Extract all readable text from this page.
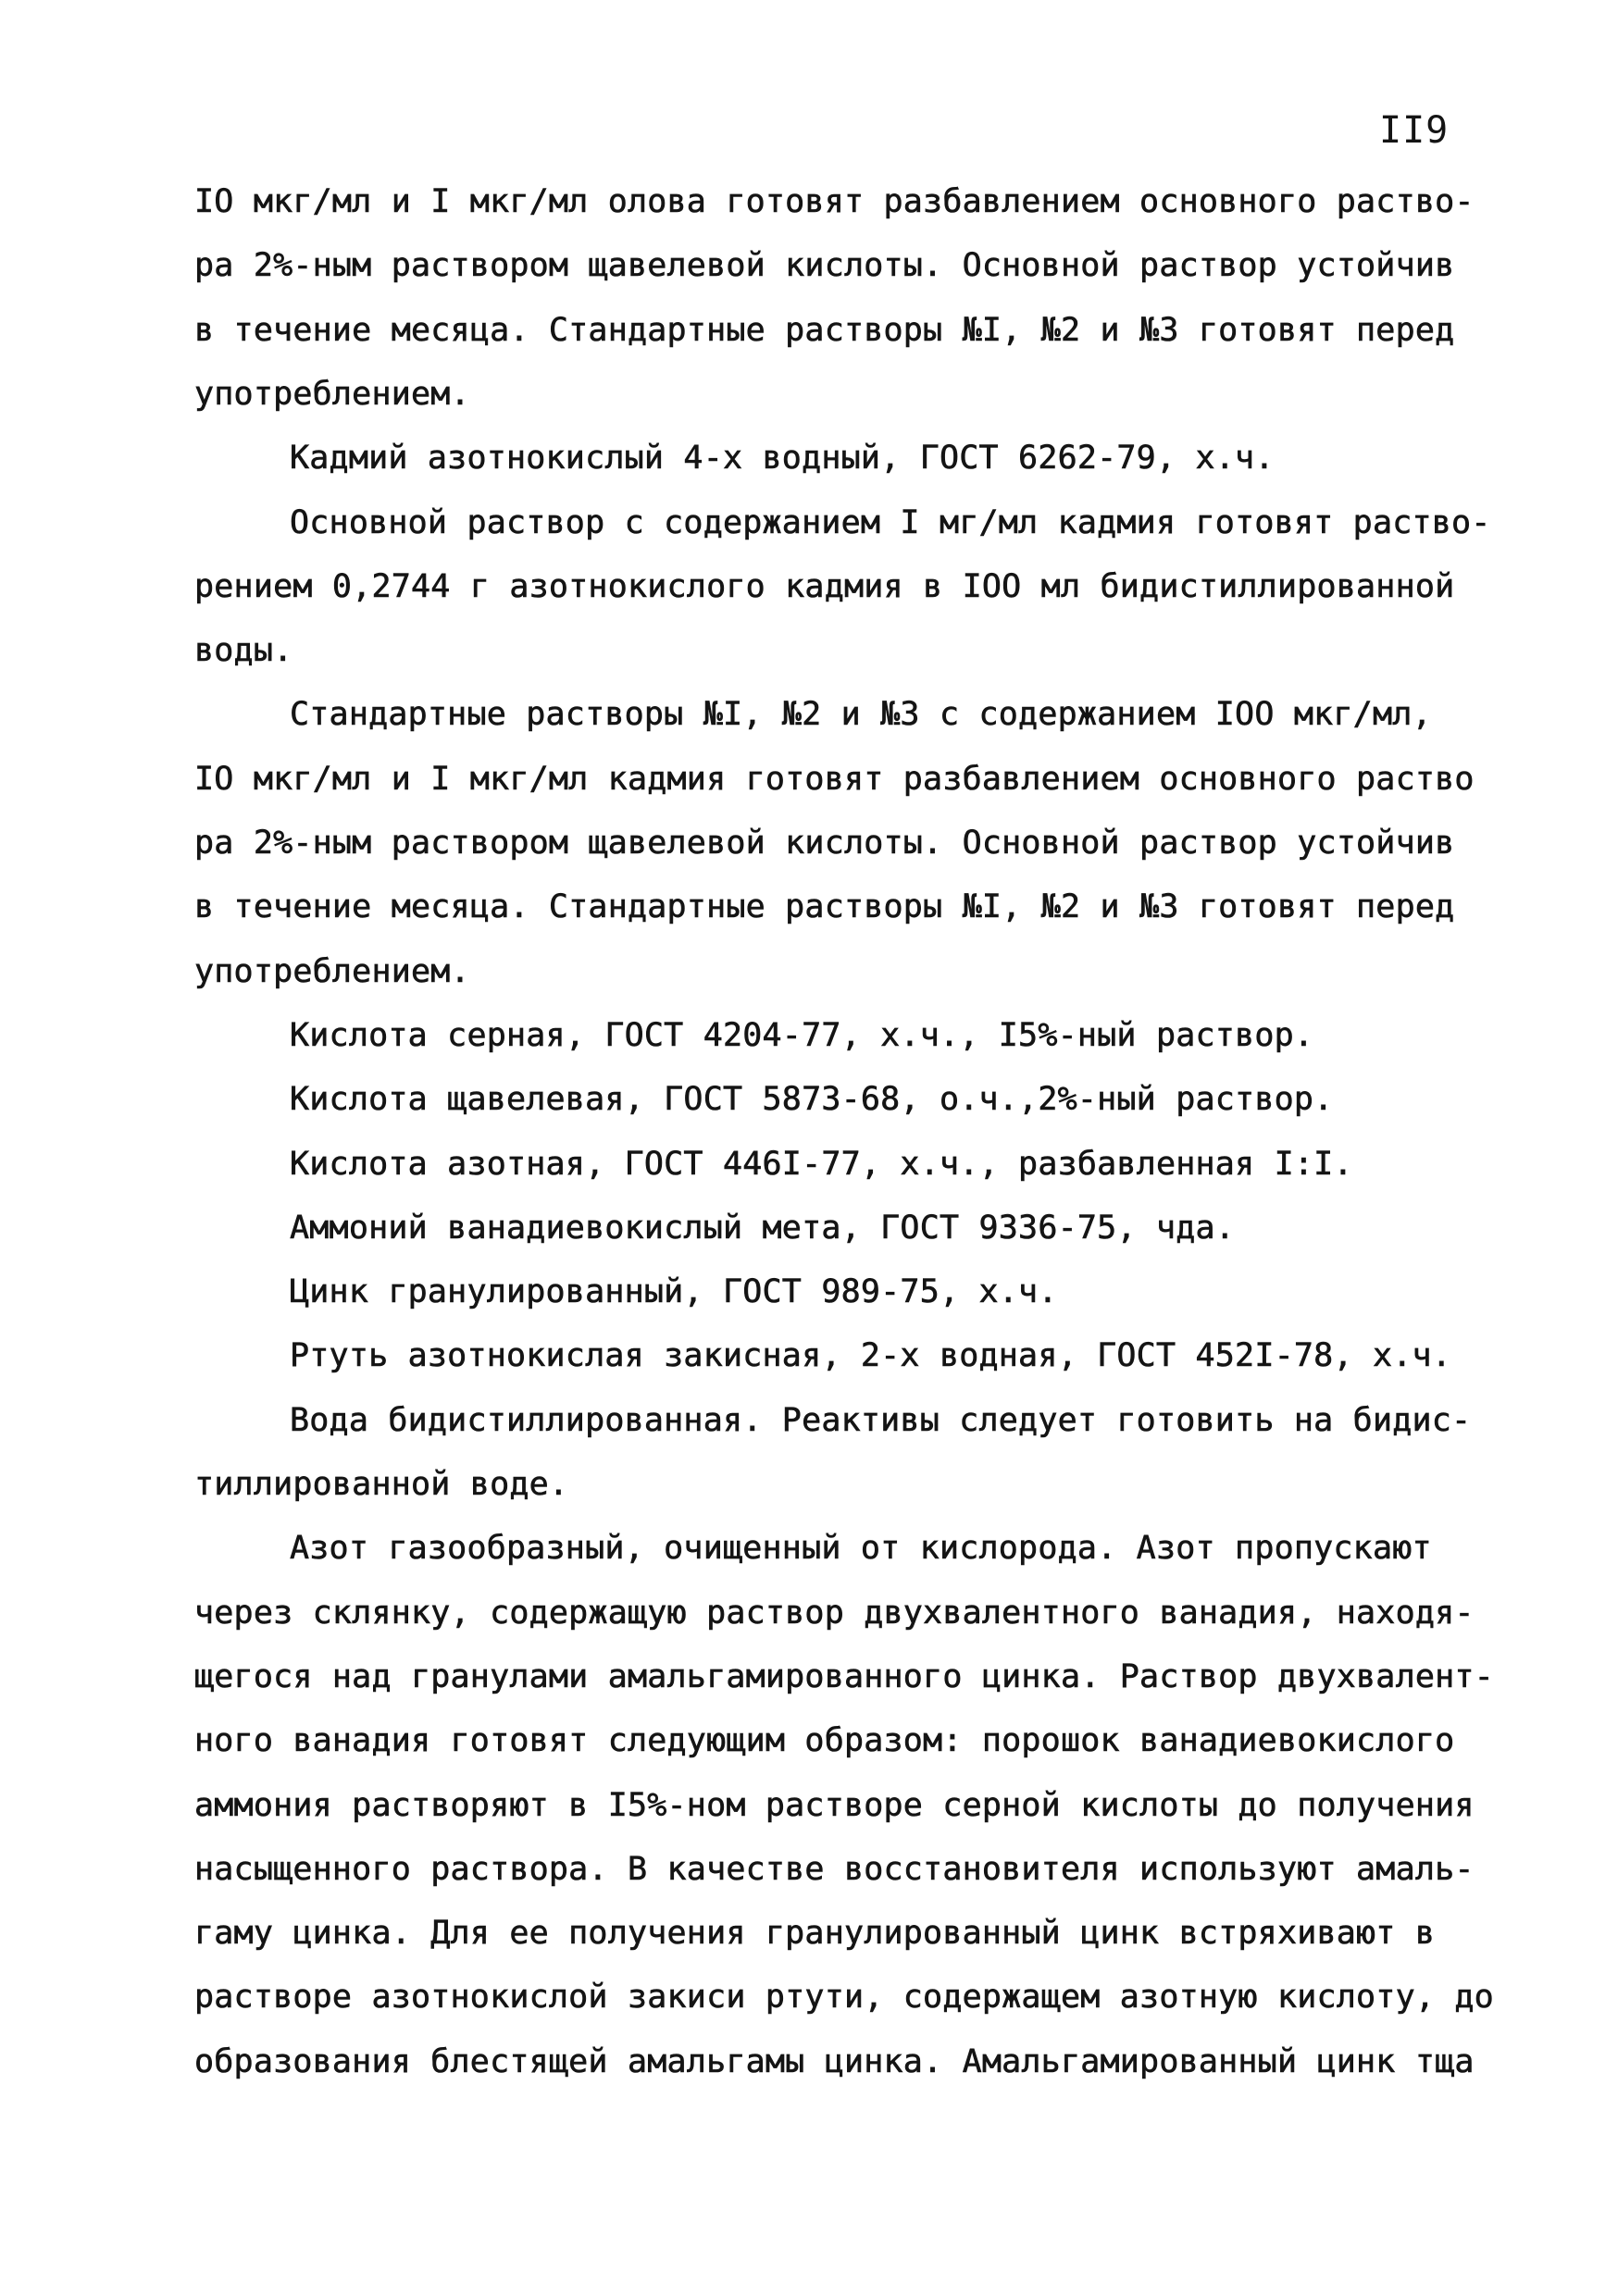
II9
IO мкг/мл и I мкг/мл олова готовят разбавлением основного раство-
ра 2%-ным раствором щавелевой кислоты. Основной раствор устойчив
в течение месяца. Стандартные растворы №I, №2 и №3 готовят перед
употреблением.
Кадмий азотнокислый 4-х водный, ГОСТ 6262-79, х.ч.
Основной раствор с содержанием I мг/мл кадмия готовят раство-
рением 0,2744 г азотнокислого кадмия в IOO мл бидистиллированной
воды.
Стандартные растворы №I, №2 и №3 с содержанием IOO мкг/мл,
IO мкг/мл и I мкг/мл кадмия готовят разбавлением основного раство
ра 2%-ным раствором щавелевой кислоты. Основной раствор устойчив
в течение месяца. Стандартные растворы №I, №2 и №3 готовят перед
употреблением.
Кислота серная, ГОСТ 4204-77, х.ч., I5%-ный раствор.
Кислота щавелевая, ГОСТ 5873-68, о.ч.,2%-ный раствор.
Кислота азотная, ГОСТ 446I-77, х.ч., разбавленная I:I.
Аммоний ванадиевокислый мета, ГОСТ 9336-75, чда.
Цинк гранулированный, ГОСТ 989-75, х.ч.
Ртуть азотнокислая закисная, 2-х водная, ГОСТ 452I-78, х.ч.
Вода бидистиллированная. Реактивы следует готовить на бидис-
тиллированной воде.
Азот газообразный, очищенный от кислорода. Азот пропускают
через склянку, содержащую раствор двухвалентного ванадия, находя-
щегося над гранулами амальгамированного цинка. Раствор двухвалент-
ного ванадия готовят следующим образом: порошок ванадиевокислого
аммония растворяют в I5%-ном растворе серной кислоты до получения
насыщенного раствора. В качестве восстановителя используют амаль-
гаму цинка. Для ее получения гранулированный цинк встряхивают в
растворе азотнокислой закиси ртути, содержащем азотную кислоту, до
образования блестящей амальгамы цинка. Амальгамированный цинк тща
